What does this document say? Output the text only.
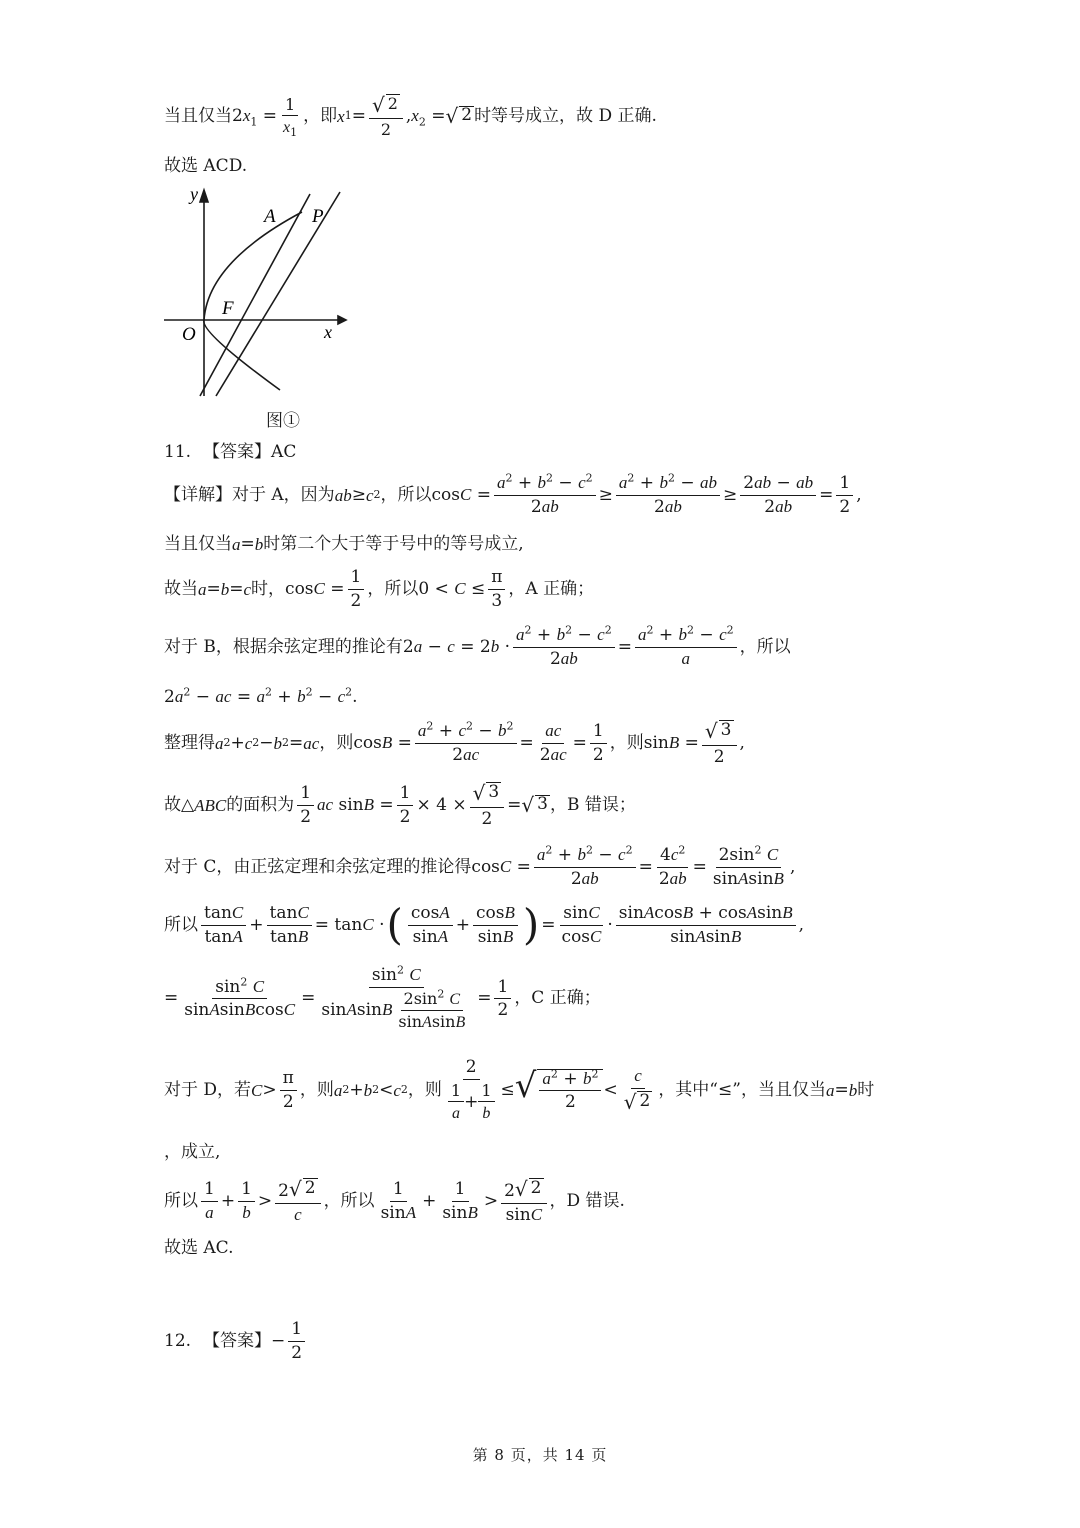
当且仅当 $2x_1 = \frac{1}{x_1}$ ，即 x $1 = \frac{√ 2}{2} ,x_2$ = √ 2 时等号成立，故 D 正确.
故选 ACD.
y
A P
F
O	x
图①
11. 【答案】 AC
【详解】 对于 A，因为 ab ≥ c 2 ，所以 $\cos C = \frac{a^2 + b^2 - c^2}{2ab} \ge \frac{a^2 + b^2 - ab}{2ab} \ge \frac{2ab - ab}{2ab} = \frac{1}{2}$ ,
当且仅当 a = b 时第二个大于等于号中的等号成立,
故当 a = b = c 时， $\cos C = \frac{1}{2}$ ，所以 $0 < C \le \frac{\pi}{3}$ ，A 正确；
对于 B，根据余弦定理的推论有 $2a - c = 2b \cdot \frac{a^2 + b^2 - c^2}{2ab} = \frac{a^2 + b^2 - c^2}{a}$ ，所以
$2a^2$ − ac = $a^2 + b^2 - c^2$.
整理得 a 2 + c 2 − b 2 = ac ，则 $\cos B = \frac{a^2 + c^2 - b^2}{2ac} = \frac{ac}{2ac} = \frac{1}{2}$ ，则 $\sin B = \frac{√ 3}{2}$ ,
故△ ABC 的面积为 $\frac{1}{2}$ ac $\sin B = \frac{1}{2} \times 4 \times \frac{√ 3}{2}$ = √ 3 ，B 错误；
对于 C，由正弦定理和余弦定理的推论得 $\cos C = \frac{a^2 + b^2 - c^2}{2ab} = \frac{4c^2}{2ab} = \frac{2\sin^2 C}{\text{sinAsinB}}$ ,
所以 $\frac{\tan C}{\tan A} + \frac{\tan C}{\tan B} = \tan C$ · ( $\frac{\cos A}{\sin A} + \frac{\cos B}{\sin B}$ ) = $\frac{\sin C}{\cos C} \cdot \frac{\text{sinAcosB + cosAsinB}}{\text{sinAsinB}}$ ,
= $\frac{\sin^2 C}{\text{sinAsinBcosC}} = \frac{\sin^2 C}{\sin A \sin B \frac{2\sin^2 C}{\text{sinAsinB}}} = \frac{1}{2}$ ，C 正确；
对于 D，若 $C > \frac{\pi}{2}$ ，则 a 2 + b 2 < c 2 ，则 $\frac{2}{\frac{1}{a} + \frac{1}{b}}$ ≤ √ $\frac{a^2 + b^2}{2} < \frac{c}{√ 2}$ ，其中“≤”，当且仅当 a = b 时
，成立,
所以 $\frac{1}{a} + \frac{1}{b} > \frac{2 √ 2}{c}$ ，所以 $\frac{1}{\sin A} + \frac{1}{\sin B} > \frac{2 √ 2}{\sin C}$ ，D 错误.
故选 AC.
12. 【答案】 − $\frac{1}{2}$
第 8 页，共 14 页
